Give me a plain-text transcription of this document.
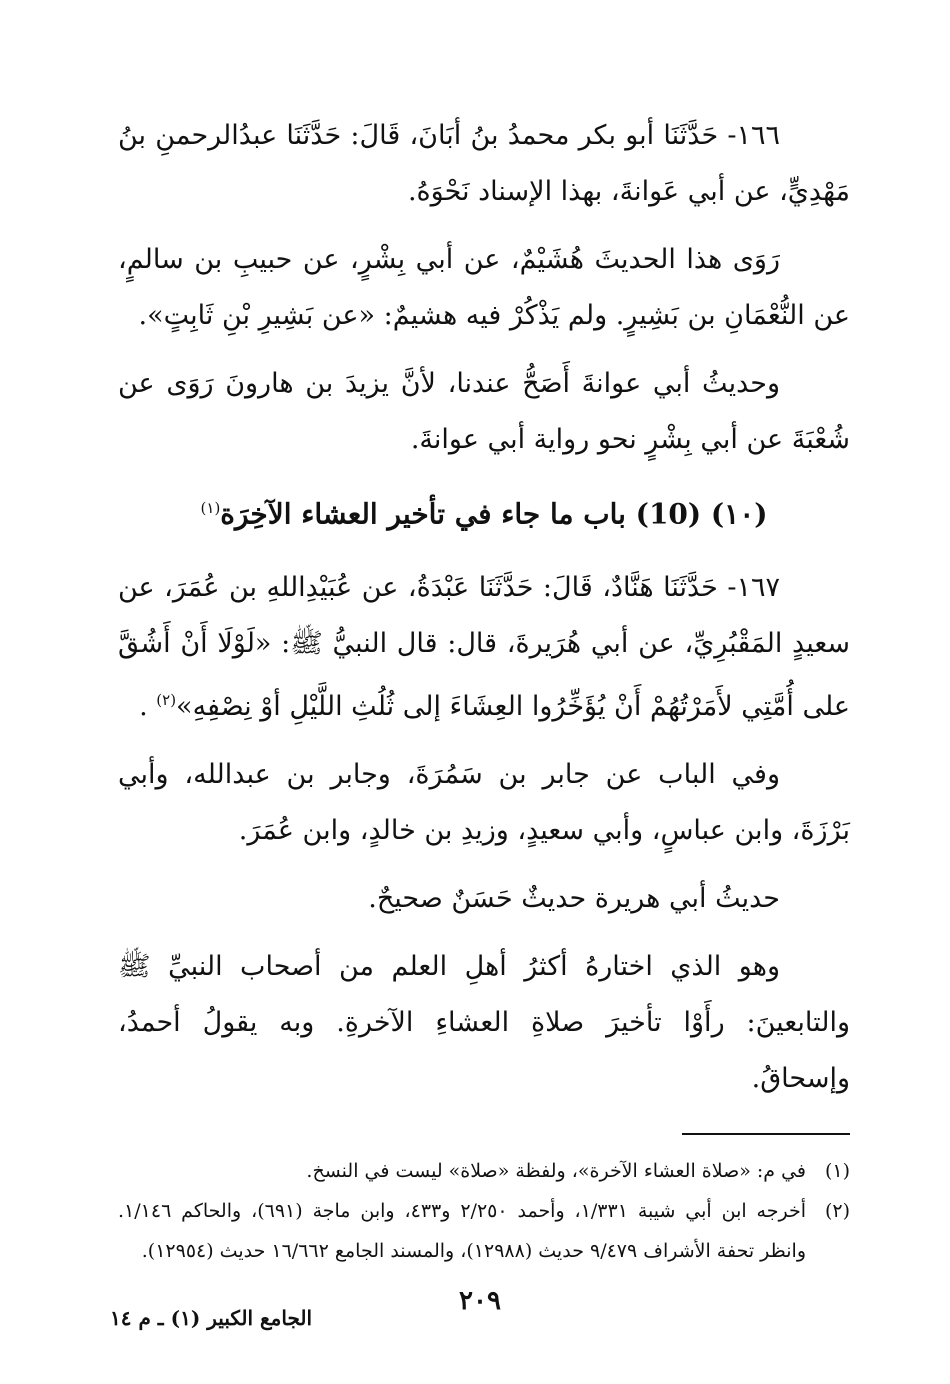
١٦٦- حَدَّثَنَا أبو بكر محمدُ بنُ أبَانَ، قَالَ: حَدَّثَنَا عبدُالرحمنِ بنُ مَهْدِيٍّ، عن أبي عَوانةَ، بهذا الإسناد نَحْوَهُ.

رَوَى هذا الحديثَ هُشَيْمٌ، عن أبي بِشْرٍ، عن حبيبِ بن سالمٍ، عن النُّعْمَانِ بن بَشِيرٍ. ولم يَذْكُرْ فيه هشيمٌ: «عن بَشِيرِ بْنِ ثَابِتٍ».

وحديثُ أبي عوانةَ أَصَحُّ عندنا، لأنَّ يزيدَ بن هارونَ رَوَى عن شُعْبَةَ عن أبي بِشْرٍ نحو رواية أبي عوانةَ.

(١٠) (10) باب ما جاء في تأخير العشاء الآخِرَة$^{(١)}$

١٦٧- حَدَّثَنَا هَنَّادٌ، قَالَ: حَدَّثَنَا عَبْدَةُ، عن عُبَيْدِاللهِ بن عُمَرَ، عن سعيدٍ المَقْبُرِيِّ، عن أبي هُرَيرةَ، قال: قال النبيُّ ﷺ: «لَوْلَا أَنْ أَشُقَّ على أُمَّتِي لأَمَرْتُهُمْ أَنْ يُؤَخِّرُوا العِشَاءَ إلى ثُلُثِ اللَّيْلِ أوْ نِصْفِهِ»$^{(٢)}$ .

وفي الباب عن جابر بن سَمُرَةَ، وجابر بن عبدالله، وأبي بَرْزَةَ، وابن عباسٍ، وأبي سعيدٍ، وزيدِ بن خالدٍ، وابن عُمَرَ.

حديثُ أبي هريرة حديثٌ حَسَنٌ صحيحٌ.

وهو الذي اختارهُ أكثرُ أهلِ العلم من أصحاب النبيِّ ﷺ والتابعينَ: رأَوْا تأخيرَ صلاةِ العشاءِ الآخرةِ. وبه يقولُ أحمدُ، وإسحاقُ.

(١)
في م: «صلاة العشاء الآخرة»، ولفظة «صلاة» ليست في النسخ.
(٢)
أخرجه ابن أبي شيبة ١/٣٣١، وأحمد ٢/٢٥٠ و٤٣٣، وابن ماجة (٦٩١)، والحاكم ١/١٤٦. وانظر تحفة الأشراف ٩/٤٧٩ حديث (١٢٩٨٨)، والمسند الجامع ١٦/٦٦٢ حديث (١٢٩٥٤).
٢٠٩
الجامع الكبير (١) ـ م ١٤
